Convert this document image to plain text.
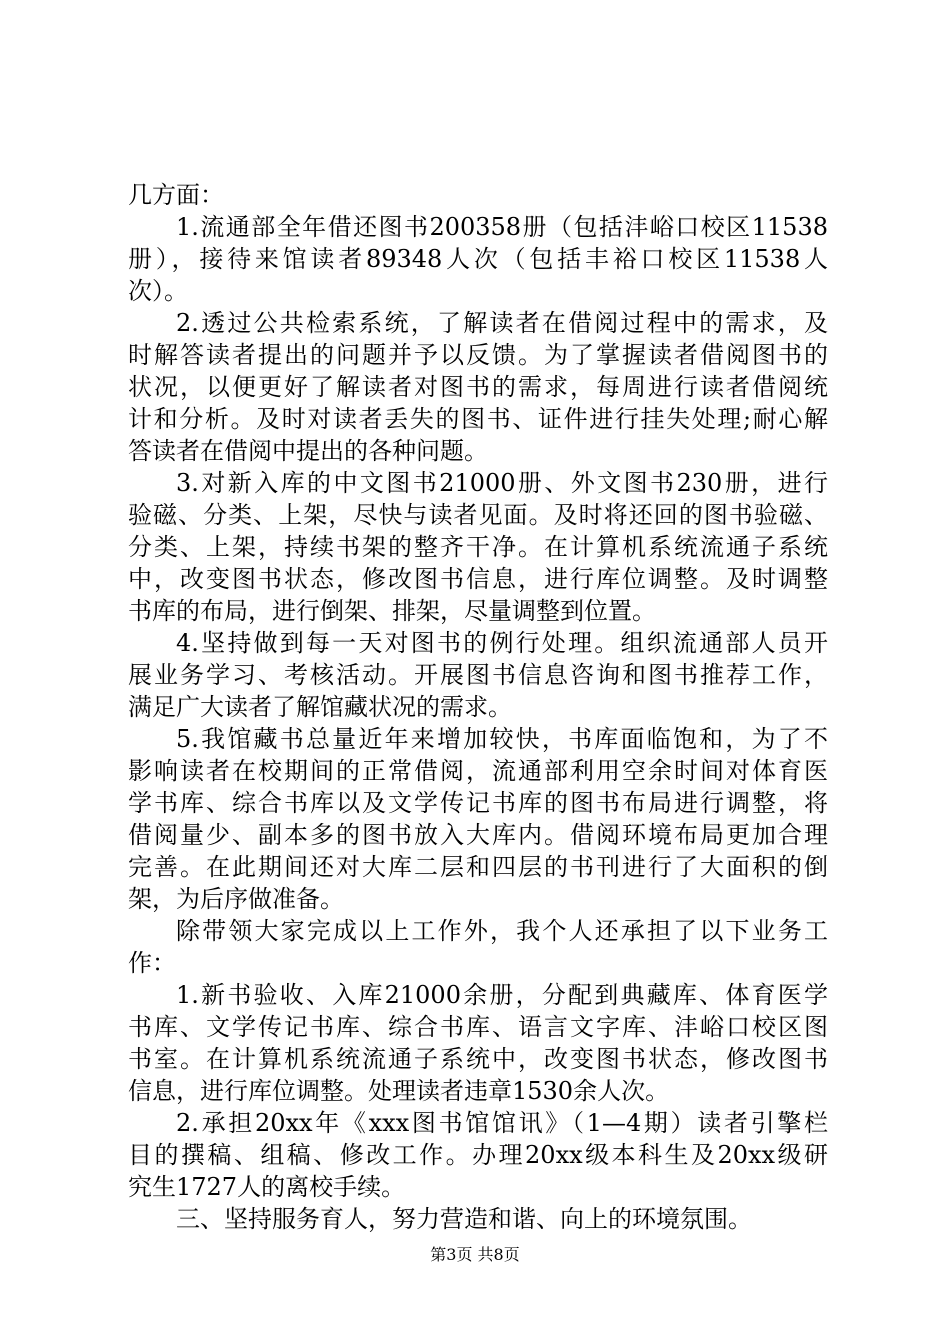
几方面：
1.流通部全年借还图书200358册（包括沣峪口校区11538
册），接待来馆读者89348人次（包括丰裕口校区11538人
次）。
2.透过公共检索系统，了解读者在借阅过程中的需求，及
时解答读者提出的问题并予以反馈。为了掌握读者借阅图书的
状况，以便更好了解读者对图书的需求，每周进行读者借阅统
计和分析。及时对读者丢失的图书、证件进行挂失处理;耐心解
答读者在借阅中提出的各种问题。
3.对新入库的中文图书21000册、外文图书230册，进行
验磁、分类、上架，尽快与读者见面。及时将还回的图书验磁、
分类、上架，持续书架的整齐干净。在计算机系统流通子系统
中，改变图书状态，修改图书信息，进行库位调整。及时调整
书库的布局，进行倒架、排架，尽量调整到位置。
4.坚持做到每一天对图书的例行处理。组织流通部人员开
展业务学习、考核活动。开展图书信息咨询和图书推荐工作，
满足广大读者了解馆藏状况的需求。
5.我馆藏书总量近年来增加较快，书库面临饱和，为了不
影响读者在校期间的正常借阅，流通部利用空余时间对体育医
学书库、综合书库以及文学传记书库的图书布局进行调整，将
借阅量少、副本多的图书放入大库内。借阅环境布局更加合理
完善。在此期间还对大库二层和四层的书刊进行了大面积的倒
架，为后序做准备。
除带领大家完成以上工作外，我个人还承担了以下业务工
作：
1.新书验收、入库21000余册，分配到典藏库、体育医学
书库、文学传记书库、综合书库、语言文字库、沣峪口校区图
书室。在计算机系统流通子系统中，改变图书状态，修改图书
信息，进行库位调整。处理读者违章1530余人次。
2.承担20xx年《xxx图书馆馆讯》（1—4期）读者引擎栏
目的撰稿、组稿、修改工作。办理20xx级本科生及20xx级研
究生1727人的离校手续。
三、坚持服务育人，努力营造和谐、向上的环境氛围。
第3页 共8页
